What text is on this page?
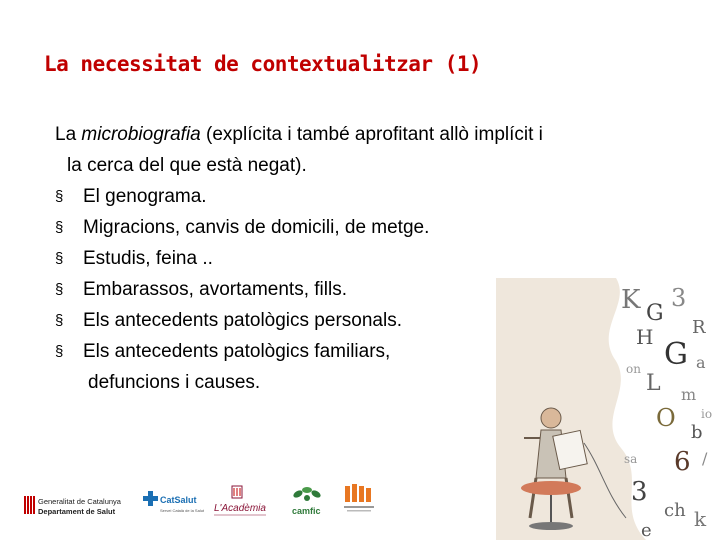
La necessitat de contextualitzar (1)

La microbiografia (explícita i també aprofitant allò implícit i
la cerca del que està negat).

§ El genograma.
§ Migracions, canvis de domicili, de metge.
§ Estudis, feina ..
§ Embarassos, avortaments, fills.
§ Els antecedents patològics personals.
§ Els antecedents patològics familiars,
defuncions i causes.
K G
3
R
H G a
L m
O
b
6 /
3
ch k
e
on
io
sa
Generalitat de Catalunya
Departament de Salut
CatSalut
Servei Català de la Salut L'Acadèmia	camfic
